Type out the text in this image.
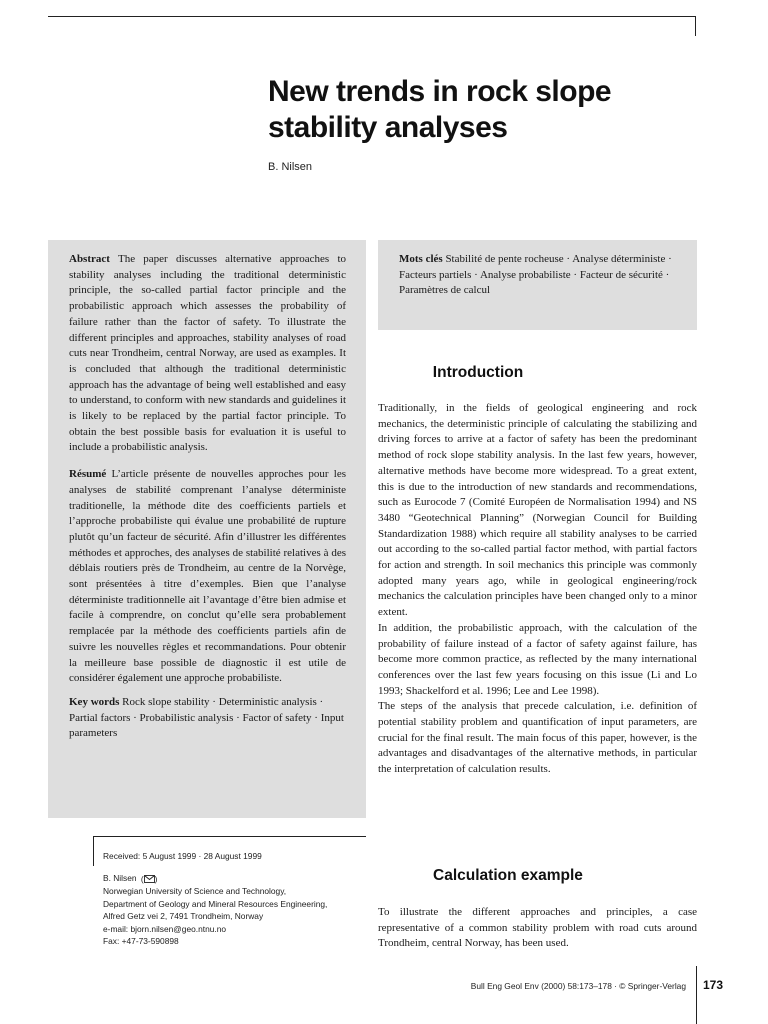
New trends in rock slope
stability analyses
B. Nilsen

Abstract The paper discusses alternative approaches to stability analyses including the traditional deterministic principle, the so-called partial factor principle and the probabilistic approach which assesses the probability of failure rather than the factor of safety. To illustrate the different principles and approaches, stability analyses of road cuts near Trondheim, central Norway, are used as examples. It is concluded that although the traditional deterministic approach has the advantage of being well established and easy to understand, to conform with new standards and guidelines it is likely to be replaced by the partial factor principle. To obtain the best possible basis for evaluation it is useful to include a probabilistic analysis.

Résumé L’article présente de nouvelles approches pour les analyses de stabilité comprenant l’analyse déterministe traditionelle, la méthode dite des coefficients partiels et l’approche probabiliste qui évalue une probabilité de rupture plutôt qu’un facteur de sécurité. Afin d’illustrer les différentes méthodes et approches, des analyses de stabilité relatives à des déblais routiers près de Trondheim, au centre de la Norvège, sont présentées à titre d’exemples. Bien que l’analyse déterministe traditionnelle ait l’avantage d’être bien admise et facile à comprendre, on conclut qu’elle sera probablement remplacée par la méthode des coefficients partiels afin de suivre les nouvelles règles et recommandations. Pour obtenir la meilleure base possible de diagnostic il est utile de considérer également une approche probabiliste.

Key words Rock slope stability · Deterministic analysis · Partial factors · Probabilistic analysis · Factor of safety · Input parameters

Mots clés Stabilité de pente rocheuse · Analyse déterministe · Facteurs partiels · Analyse probabiliste · Facteur de sécurité · Paramètres de calcul
Introduction

Traditionally, in the fields of geological engineering and rock mechanics, the deterministic principle of calculating the stabilizing and driving forces to arrive at a factor of safety has been the predominant method of rock slope stability analysis. In the last few years, however, alternative methods have become more widespread. To a great extent, this is due to the introduction of new standards and recommendations, such as Eurocode 7 (Comité Européen de Normalisation 1994) and NS 3480 “Geotechnical Planning” (Norwegian Council for Building Standardization 1988) which require all stability analyses to be carried out according to the so-called partial factor method, with partial factors for action and strength. In soil mechanics this principle was commonly adopted many years ago, while in geological engineering/rock mechanics the calculation principles have been changed only to a minor extent.

In addition, the probabilistic approach, with the calculation of the probability of failure instead of a factor of safety against failure, has become more common practice, as reflected by the many international conferences over the last few years focusing on this issue (Li and Lo 1993; Shackelford et al. 1996; Lee and Lee 1998).

The steps of the analysis that precede calculation, i.e. definition of potential stability problem and quantification of input parameters, are crucial for the final result. The main focus of this paper, however, is the advantages and disadvantages of the alternative methods, in particular the interpretation of calculation results.

Calculation example

To illustrate the different approaches and principles, a case representative of a common stability problem with road cuts around Trondheim, central Norway, has been used.

Received: 5 August 1999 · 28 August 1999
B. Nilsen ( )
Norwegian University of Science and Technology,
Department of Geology and Mineral Resources Engineering,
Alfred Getz vei 2, 7491 Trondheim, Norway
e-mail: bjorn.nilsen@geo.ntnu.no
Fax: +47-73-590898
Bull Eng Geol Env (2000) 58:173–178 · © Springer-Verlag 173
